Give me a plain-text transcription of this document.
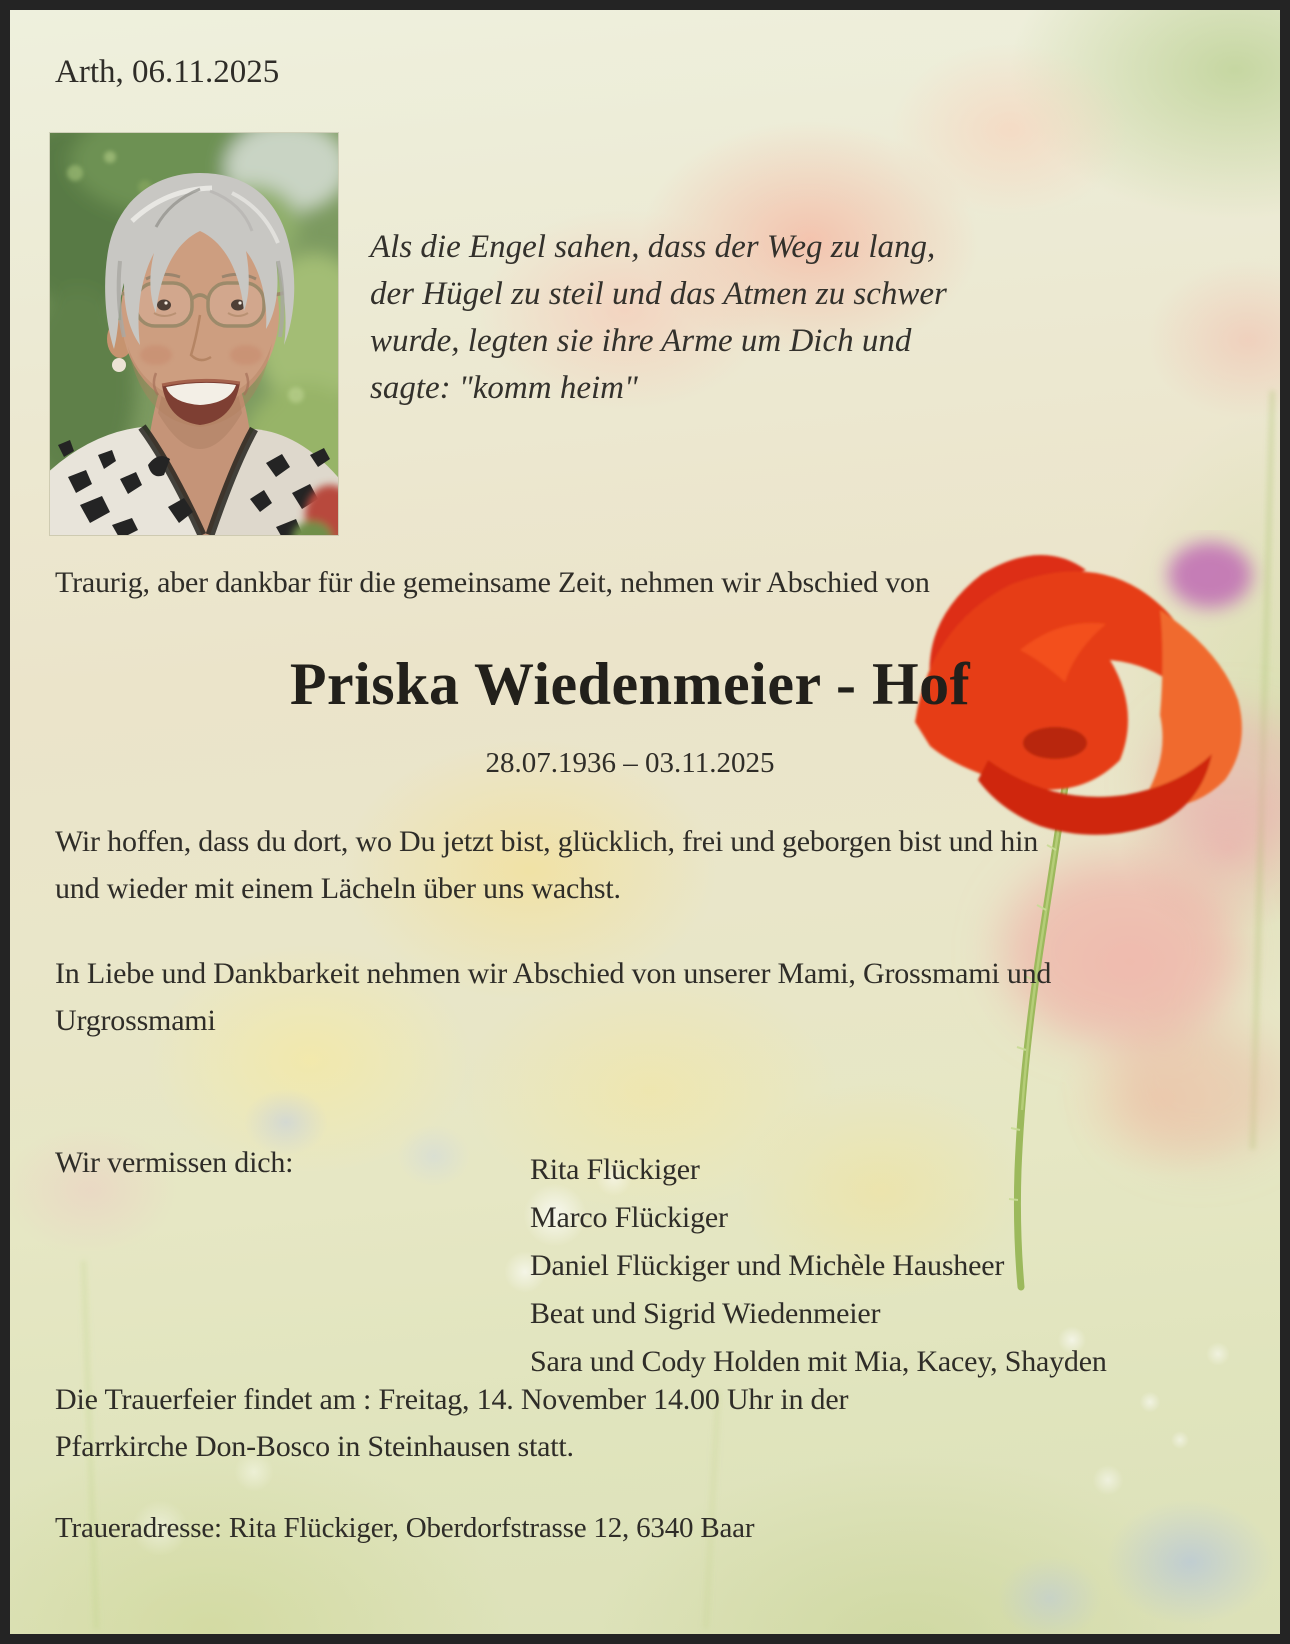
Arth, 06.11.2025
Als die Engel sahen, dass der Weg zu lang,
der Hügel zu steil und das Atmen zu schwer
wurde, legten sie ihre Arme um Dich und
sagte: "komm heim"
Traurig, aber dankbar für die gemeinsame Zeit, nehmen wir Abschied von
Priska Wiedenmeier - Hof
28.07.1936 – 03.11.2025
Wir hoffen, dass du dort, wo Du jetzt bist, glücklich, frei und geborgen bist und hin
und wieder mit einem Lächeln über uns wachst.
In Liebe und Dankbarkeit nehmen wir Abschied von unserer Mami, Grossmami und
Urgrossmami
Wir vermissen dich:	Rita Flückiger
Marco Flückiger
Daniel Flückiger und Michèle Hausheer
Beat und Sigrid Wiedenmeier
Sara und Cody Holden mit Mia, Kacey, Shayden
Die Trauerfeier findet am : Freitag, 14. November 14.00 Uhr in der
Pfarrkirche Don-Bosco in Steinhausen statt.
Traueradresse: Rita Flückiger, Oberdorfstrasse 12, 6340 Baar
